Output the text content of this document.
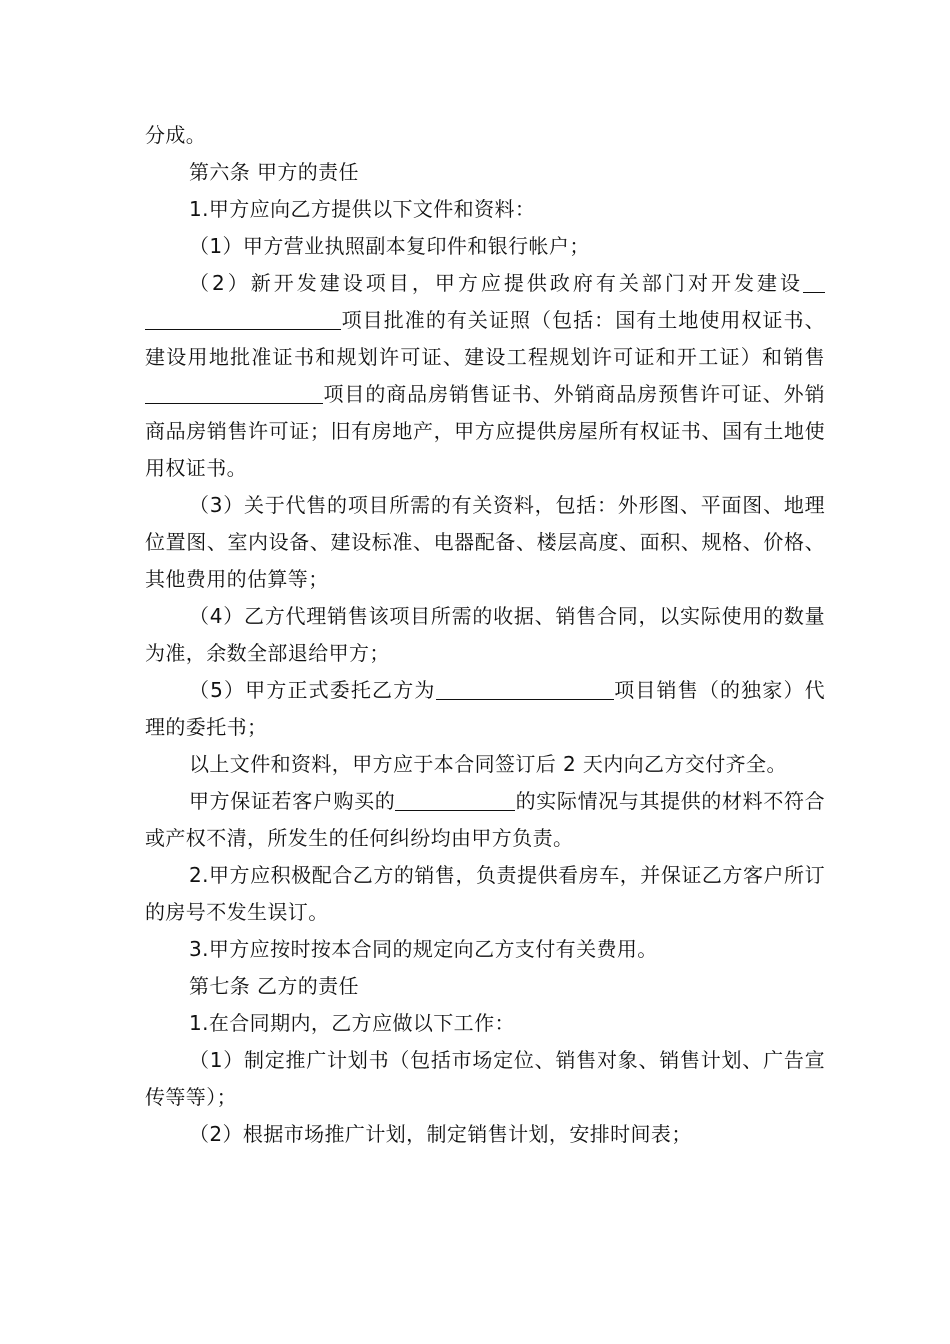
分成。

第六条 甲方的责任

1.甲方应向乙方提供以下文件和资料：

（1）甲方营业执照副本复印件和银行帐户；

（2）新开发建设项目，甲方应提供政府有关部门对开发建设项目批准的有关证照（包括：国有土地使用权证书、建设用地批准证书和规划许可证、建设工程规划许可证和开工证）和销售项目的商品房销售证书、外销商品房预售许可证、外销商品房销售许可证；旧有房地产，甲方应提供房屋所有权证书、国有土地使用权证书。

（3）关于代售的项目所需的有关资料，包括：外形图、平面图、地理位置图、室内设备、建设标准、电器配备、楼层高度、面积、规格、价格、其他费用的估算等；

（4）乙方代理销售该项目所需的收据、销售合同，以实际使用的数量为准，余数全部退给甲方；

（5）甲方正式委托乙方为	项目销售（的独家）代理的委托书；

以上文件和资料，甲方应于本合同签订后 2 天内向乙方交付齐全。

甲方保证若客户购买的	的实际情况与其提供的材料不符合或产权不清，所发生的任何纠纷均由甲方负责。

2.甲方应积极配合乙方的销售，负责提供看房车，并保证乙方客户所订的房号不发生误订。

3.甲方应按时按本合同的规定向乙方支付有关费用。

第七条 乙方的责任

1.在合同期内，乙方应做以下工作：

（1）制定推广计划书（包括市场定位、销售对象、销售计划、广告宣传等等）；

（2）根据市场推广计划，制定销售计划，安排时间表；
